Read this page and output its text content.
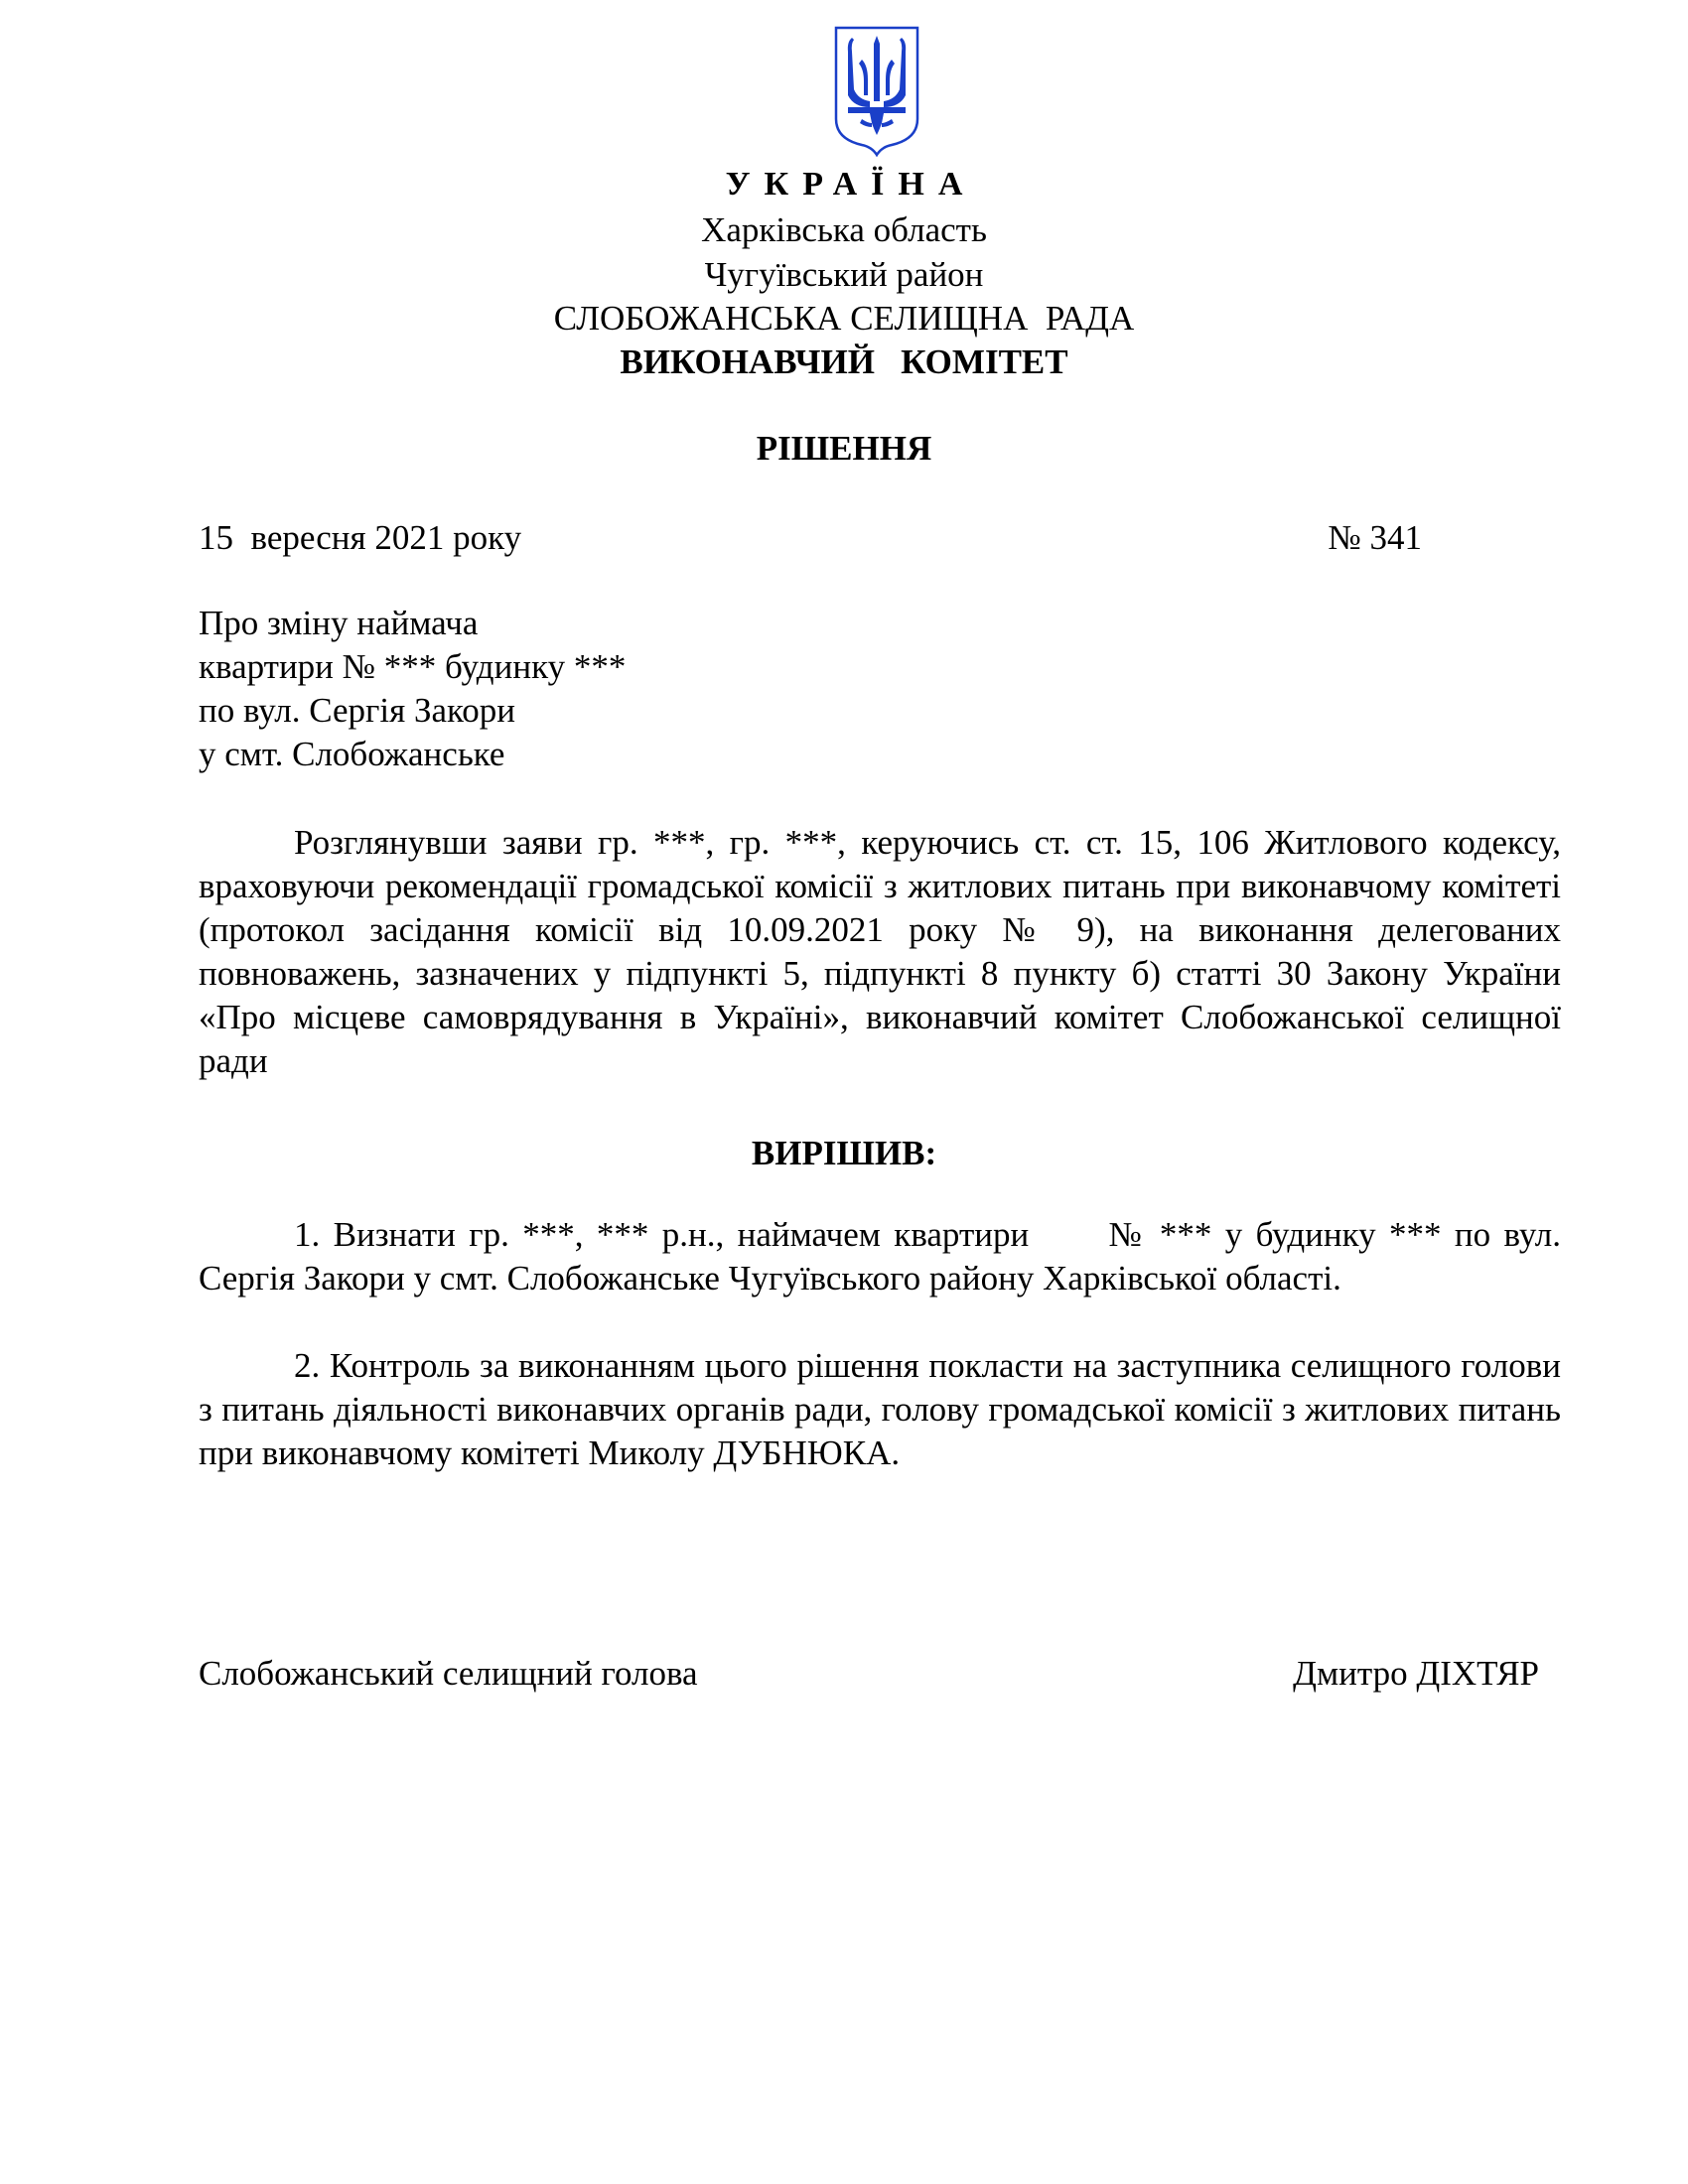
УКРАЇНА
Харківська область
Чугуївський район
СЛОБОЖАНСЬКА СЕЛИЩНА  РАДА
ВИКОНАВЧИЙ   КОМІТЕТ
РІШЕННЯ
15  вересня 2021 року	№ 341
Про зміну наймача
квартири № *** будинку ***
по вул. Сергія Закори
у смт. Слобожанське
Розглянувши заяви гр. ***, гр. ***, керуючись ст. ст. 15, 106 Житлового кодексу, враховуючи рекомендації громадської комісії з житлових питань при виконавчому комітеті (протокол засідання комісії від 10.09.2021 року № 9), на виконання делегованих повноважень, зазначених у підпункті 5, підпункті 8 пункту б) статті 30 Закону України «Про місцеве самоврядування в Україні», виконавчий комітет Слобожанської селищної ради
ВИРІШИВ:
1. Визнати гр. ***, *** р.н., наймачем квартири      № *** у будинку *** по вул. Сергія Закори у смт. Слобожанське Чугуївського району Харківської області.
2. Контроль за виконанням цього рішення покласти на заступника селищного голови з питань діяльності виконавчих органів ради, голову громадської комісії з житлових питань при виконавчому комітеті Миколу ДУБНЮКА.
Слобожанський селищний голова	Дмитро ДІХТЯР
